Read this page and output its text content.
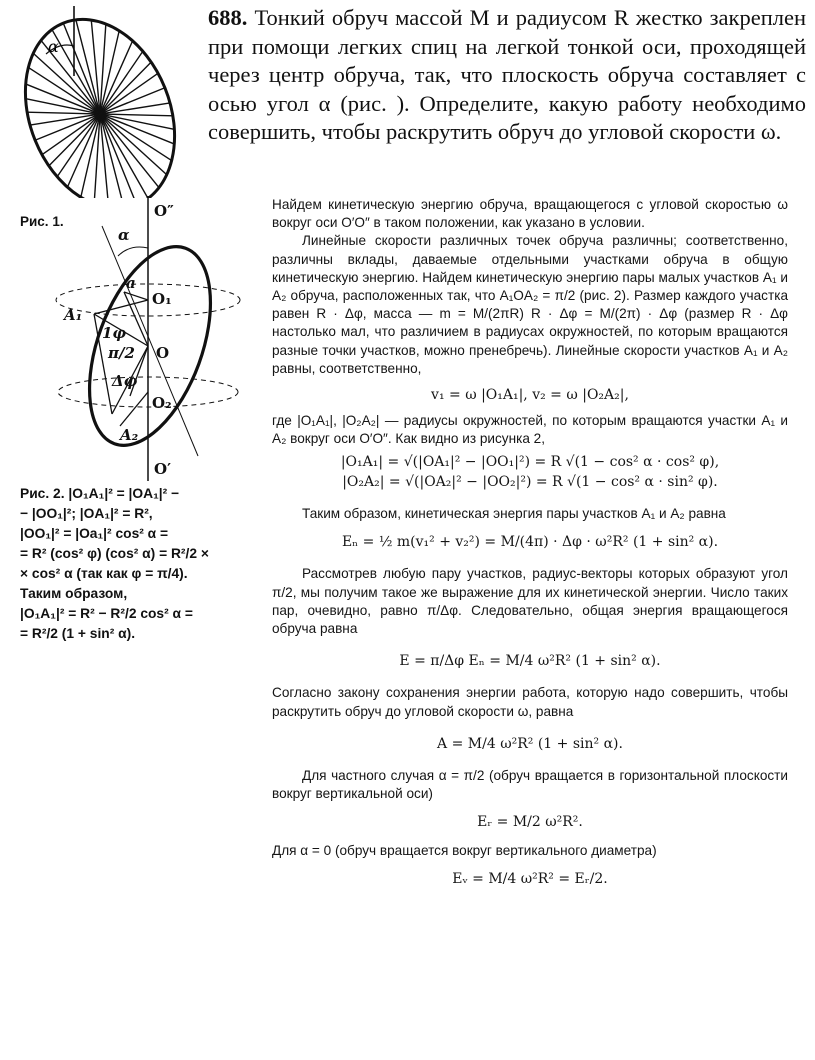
688. Тонкий обруч массой M и радиусом R жестко закреплен при помощи легких спиц на легкой тонкой оси, проходящей через центр обруча, так, что плоскость обруча составляет с осью угол α (рис. ). Определите, какую работу необходимо совершить, чтобы раскрутить обруч до угловой скорости ω.
α
Рис. 1.
O″
α
a
O₁
A₁
1φ
π/2 O
Δφ
O₂
A₂
O′
Рис. 2. |O₁A₁|² = |OA₁|² −
− |OO₁|²; |OA₁|² = R²,
|OO₁|² = |Oa₁|² cos² α =
= R² (cos² φ) (cos² α) = R²/2 ×
× cos² α (так как φ = π/4).
Таким образом,
|O₁A₁|² = R² − R²/2 cos² α =
= R²/2 (1 + sin² α).

Найдем кинетическую энергию обруча, вращающегося с угловой скоростью ω вокруг оси O′O″ в таком положении, как указано в условии.

Линейные скорости различных точек обруча различны; соответственно, различны вклады, даваемые отдельными участками обруча в общую кинетическую энергию. Найдем кинетическую энергию пары малых участков A₁ и A₂ обруча, расположенных так, что A₁OA₂ = π/2 (рис. 2). Размер каждого участка равен R · Δφ, масса — m = M/(2πR) R · Δφ = M/(2π) · Δφ (размер R · Δφ настолько мал, что различием в радиусах окружностей, по которым вращаются разные точки участков, можно пренебречь). Линейные скорости участков A₁ и A₂ равны, соответственно,

v₁ = ω |O₁A₁|, v₂ = ω |O₂A₂|,

где |O₁A₁|, |O₂A₂| — радиусы окружностей, по которым вращаются участки A₁ и A₂ вокруг оси O′O″. Как видно из рисунка 2,

|O₁A₁| = √(|OA₁|² − |OO₁|²) = R √(1 − cos² α · cos² φ),
|O₂A₂| = √(|OA₂|² − |OO₂|²) = R √(1 − cos² α · sin² φ).

Таким образом, кинетическая энергия пары участков A₁ и A₂ равна

Eₙ = ½ m(v₁² + v₂²) = M/(4π) · Δφ · ω²R² (1 + sin² α).

Рассмотрев любую пару участков, радиус-векторы которых образуют угол π/2, мы получим такое же выражение для их кинетической энергии. Число таких пар, очевидно, равно π/Δφ. Следовательно, общая энергия вращающегося обруча равна

E = π/Δφ Eₙ = M/4 ω²R² (1 + sin² α).

Согласно закону сохранения энергии работа, которую надо совершить, чтобы раскрутить обруч до угловой скорости ω, равна

A = M/4 ω²R² (1 + sin² α).

Для частного случая α = π/2 (обруч вращается в горизонтальной плоскости вокруг вертикальной оси)

Eᵣ = M/2 ω²R².

Для α = 0 (обруч вращается вокруг вертикального диаметра)

Eᵥ = M/4 ω²R² = Eᵣ/2.
